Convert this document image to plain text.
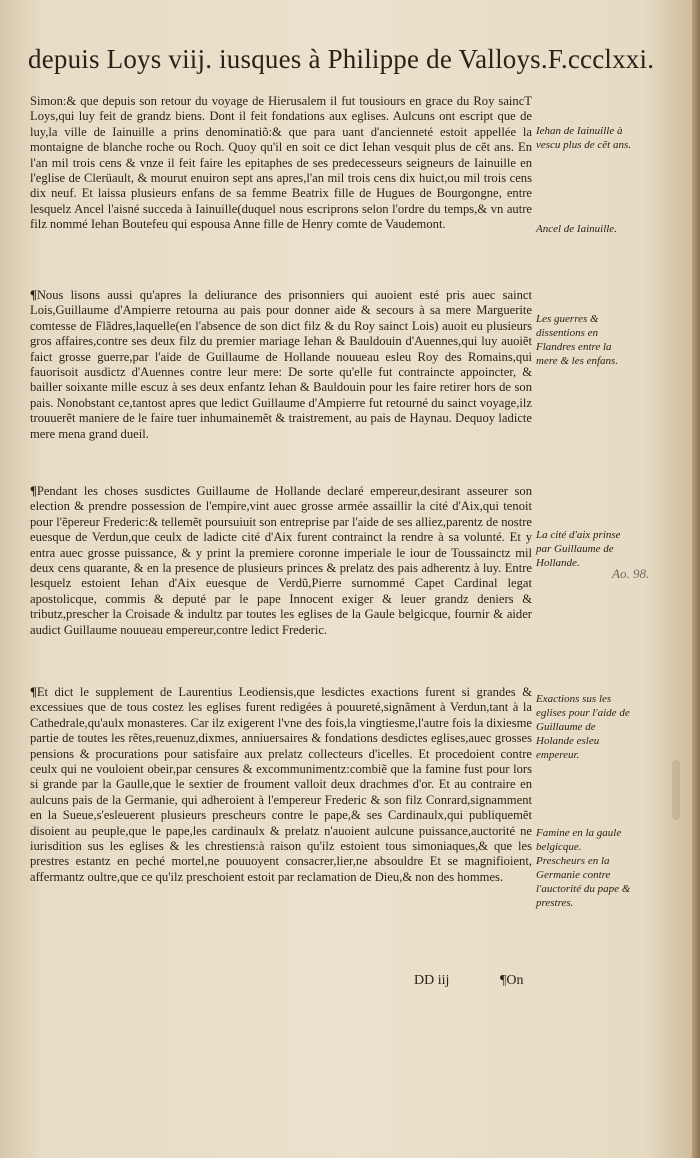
depuis Loys viij. iusques à Philippe de Valloys.F.ccclxxi.

Simon:& que depuis son retour du voyage de Hierusalem il fut tousiours en grace du Roy saincT Loys,qui luy feit de grandz biens. Dont il feit fondations aux eglises. Aulcuns ont escript que de luy,la ville de Iainuille a prins denominatiõ:& que para uant d'ancienneté estoit appellée la montaigne de blanche roche ou Roch. Quoy qu'il en soit ce dict Iehan vesquit plus de cẽt ans. En l'an mil trois cens & vnze il feit faire les epitaphes de ses predecesseurs seigneurs de Iainuille en l'eglise de Clerüault, & mourut enuiron sept ans apres,l'an mil trois cens dix huict,ou mil trois cens dix neuf. Et laissa plusieurs enfans de sa femme Beatrix fille de Hugues de Bourgongne, entre lesquelz Ancel l'aisné succeda à Iainuille(duquel nous escriprons selon l'ordre du temps,& vn autre filz nommé Iehan Boutefeu qui espousa Anne fille de Henry comte de Vaudemont.

¶Nous lisons aussi qu'apres la deliurance des prisonniers qui auoient esté pris auec sainct Lois,Guillaume d'Ampierre retourna au pais pour donner aide & secours à sa mere Marguerite comtesse de Flãdres,laquelle(en l'absence de son dict filz & du Roy sainct Lois) auoit eu plusieurs gros affaires,contre ses deux filz du premier mariage Iehan & Bauldouin d'Auennes,qui luy auoiẽt faict grosse guerre,par l'aide de Guillaume de Hollande nouueau esleu Roy des Romains,qui fauorisoit ausdictz d'Auennes contre leur mere: De sorte qu'elle fut contraincte appoincter, & bailler soixante mille escuz à ses deux enfantz Iehan & Bauldouin pour les faire retirer hors de son pais. Nonobstant ce,tantost apres que ledict Guillaume d'Ampierre fut retourné du sainct voyage,ilz trouuerẽt maniere de le faire tuer inhumainemẽt & traistrement, au pais de Haynau. Dequoy ladicte mere mena grand dueil.

¶Pendant les choses susdictes Guillaume de Hollande declaré empereur,desirant asseurer son election & prendre possession de l'empire,vint auec grosse armée assaillir la cité d'Aix,qui tenoit pour l'ẽpereur Frederic:& tellemẽt poursuiuit son entreprise par l'aide de ses alliez,parentz de nostre euesque de Verdun,que ceulx de ladicte cité d'Aix furent contrainct la rendre à sa volunté. Et y entra auec grosse puissance, & y print la premiere coronne imperiale le iour de Toussainctz mil deux cens quarante, & en la presence de plusieurs princes & prelatz des pais adherentz à luy. Entre lesquelz estoient Iehan d'Aix euesque de Verdũ,Pierre surnommé Capet Cardinal legat apostolicque, commis & deputé par le pape Innocent exiger & leuer grandz deniers & tributz,prescher la Croisade & indultz par toutes les eglises de la Gaule belgicque, fournir & aider audict Guillaume nouueau empereur,contre ledict Frederic.

¶Et dict le supplement de Laurentius Leodiensis,que lesdictes exactions furent si grandes & excessiues que de tous costez les eglises furent redigées à pouureté,signãment à Verdun,tant à la Cathedrale,qu'aulx monasteres. Car ilz exigerent l'vne des fois,la vingtiesme,l'autre fois la dixiesme partie de toutes les rẽtes,reuenuz,dixmes, anniuersaires & fondations desdictes eglises,auec grosses pensions & procurations pour satisfaire aux prelatz collecteurs d'icelles. Et procedoient contre ceulx qui ne vouloient obeir,par censures & excommunimentz:combiẽ que la famine fust pour lors si grande par la Gaulle,que le sextier de froument valloit deux drachmes d'or. Et au contraire en aulcuns pais de la Germanie, qui adheroient à l'empereur Frederic & son filz Conrard,signamment en la Sueue,s'esleuerent plusieurs prescheurs contre le pape,& ses Cardinaulx,qui publiquemẽt disoient au peuple,que le pape,les cardinaulx & prelatz n'auoient aulcune puissance,auctorité ne iurisdition sus les eglises & les chrestiens:à raison qu'ilz estoient tous simoniaques,& que les prestres estantz en peché mortel,ne pouuoyent consacrer,lier,ne absouldre Et se magnifioient, affermantz oultre,que ce qu'ilz preschoient estoit par reclamation de Dieu,& non des hommes.

Iehan de Iainuille à vescu plus de cẽt ans.
Ancel de Iainuille.
Les guerres & dissentions en Flandres entre la mere & les enfans.
La cité d'aix prinse par Guillaume de Hollande.
Exactions sus les eglises pour l'aide de Guillaume de Holande esleu empereur.
Famine en la gaule belgicque. Prescheurs en la Germanie contre l'auctorité du pape & prestres.
Ao. 98.
DD iij	¶On
